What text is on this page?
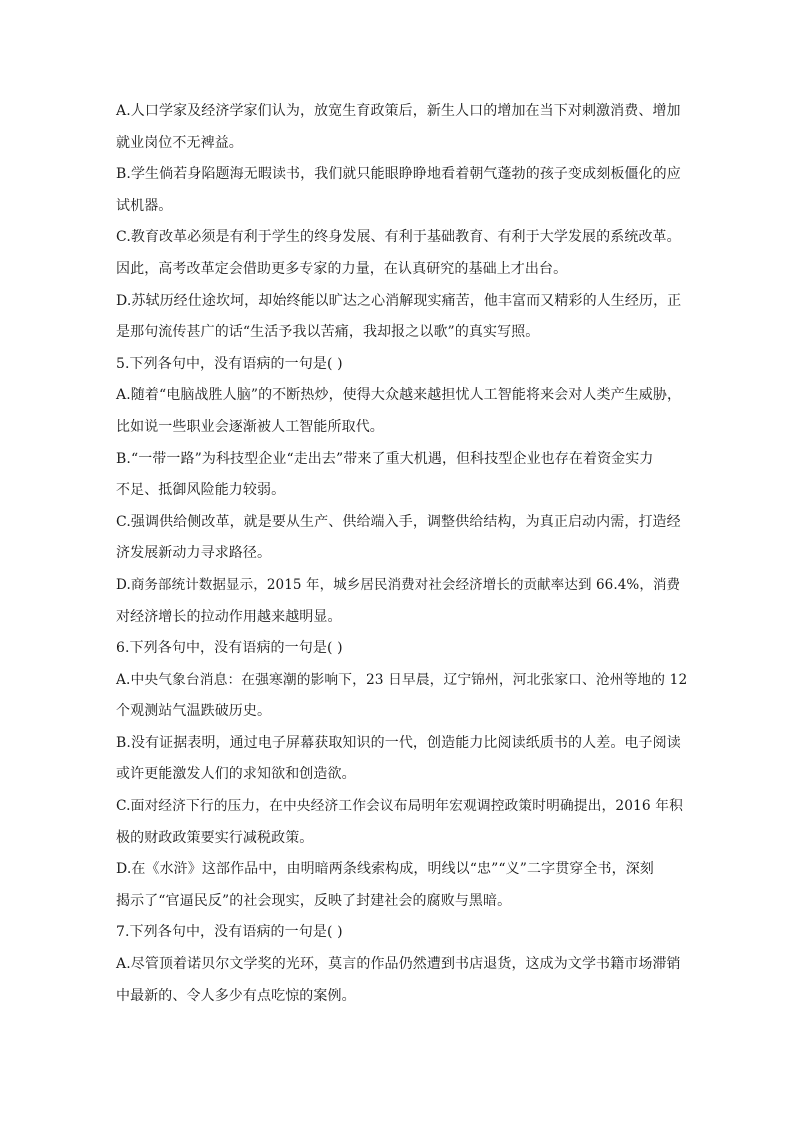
A.人口学家及经济学家们认为，放宽生育政策后，新生人口的增加在当下对刺激消费、增加
就业岗位不无裨益。
B.学生倘若身陷题海无暇读书，我们就只能眼睁睁地看着朝气蓬勃的孩子变成刻板僵化的应
试机器。
C.教育改革必须是有利于学生的终身发展、有利于基础教育、有利于大学发展的系统改革。
因此，高考改革定会借助更多专家的力量，在认真研究的基础上才出台。
D.苏轼历经仕途坎坷，却始终能以旷达之心消解现实痛苦，他丰富而又精彩的人生经历，正
是那句流传甚广的话“生活予我以苦痛，我却报之以歌”的真实写照。
5.下列各句中，没有语病的一句是( )
A.随着“电脑战胜人脑”的不断热炒，使得大众越来越担忧人工智能将来会对人类产生威胁，
比如说一些职业会逐渐被人工智能所取代。
B.“一带一路”为科技型企业“走出去”带来了重大机遇，但科技型企业也存在着资金实力
不足、抵御风险能力较弱。
C.强调供给侧改革，就是要从生产、供给端入手，调整供给结构，为真正启动内需，打造经
济发展新动力寻求路径。
D.商务部统计数据显示，2015 年，城乡居民消费对社会经济增长的贡献率达到 66.4%，消费
对经济增长的拉动作用越来越明显。
6.下列各句中，没有语病的一句是( )
A.中央气象台消息：在强寒潮的影响下，23 日早晨，辽宁锦州，河北张家口、沧州等地的 12
个观测站气温跌破历史。
B.没有证据表明，通过电子屏幕获取知识的一代，创造能力比阅读纸质书的人差。电子阅读
或许更能激发人们的求知欲和创造欲。
C.面对经济下行的压力，在中央经济工作会议布局明年宏观调控政策时明确提出，2016 年积
极的财政政策要实行减税政策。
D.在《水浒》这部作品中，由明暗两条线索构成，明线以“忠”“义”二字贯穿全书，深刻
揭示了“官逼民反”的社会现实，反映了封建社会的腐败与黑暗。
7.下列各句中，没有语病的一句是( )
A.尽管顶着诺贝尔文学奖的光环，莫言的作品仍然遭到书店退货，这成为文学书籍市场滞销
中最新的、令人多少有点吃惊的案例。
